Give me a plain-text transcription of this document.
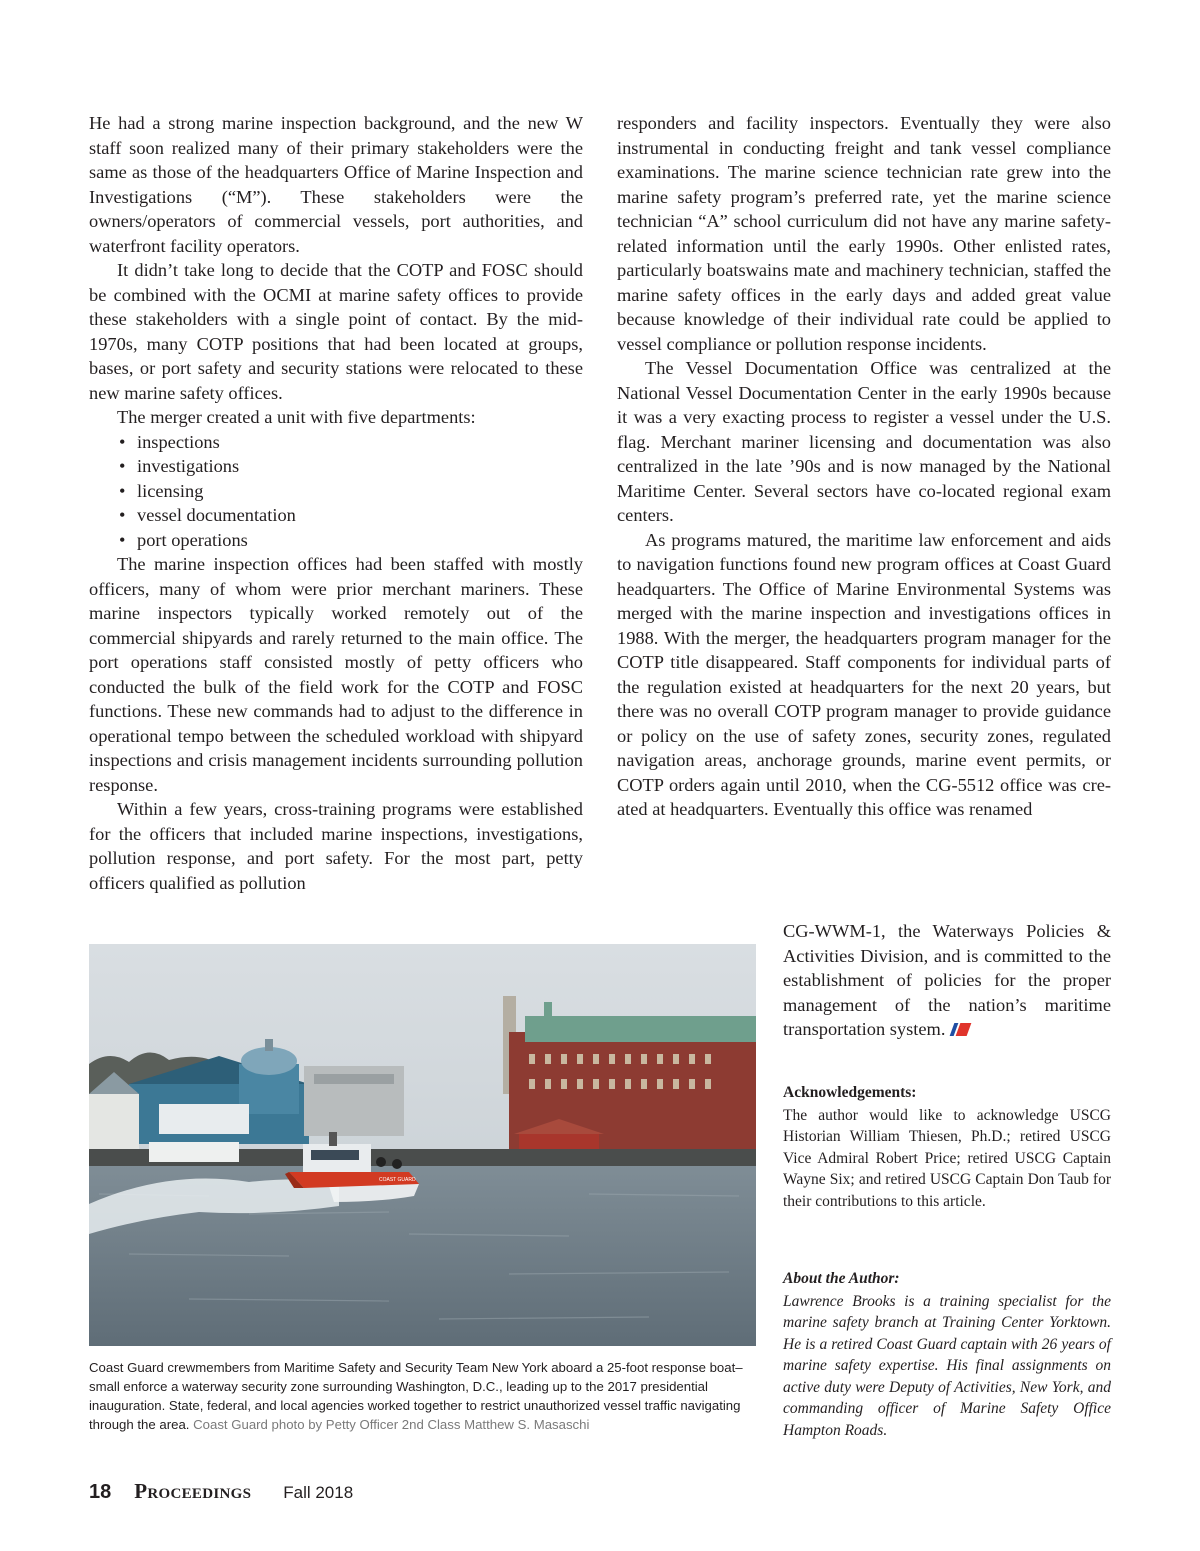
He had a strong marine inspection background, and the new W staff soon realized many of their primary stakeholders were the same as those of the headquarters Office of Marine Inspection and Investigations (“M”). These stakeholders were the owners/operators of commercial vessels, port authorities, and waterfront facility operators.

It didn’t take long to decide that the COTP and FOSC should be combined with the OCMI at marine safety offices to provide these stakeholders with a single point of contact. By the mid-1970s, many COTP positions that had been located at groups, bases, or port safety and security stations were relocated to these new marine safety offices.

The merger created a unit with five departments:

• inspections
• investigations
• licensing
• vessel documentation
• port operations

The marine inspection offices had been staffed with mostly officers, many of whom were prior merchant mariners. These marine inspectors typically worked remotely out of the commercial shipyards and rarely returned to the main office. The port operations staff consisted mostly of petty officers who conducted the bulk of the field work for the COTP and FOSC functions. These new commands had to adjust to the difference in operational tempo between the scheduled workload with shipyard inspections and crisis management incidents surrounding pollution response.

Within a few years, cross-training programs were established for the officers that included marine inspections, investigations, pollution response, and port safety. For the most part, petty officers qualified as pollution

responders and facility inspectors. Eventually they were also instrumental in conducting freight and tank vessel compliance examinations. The marine science technician rate grew into the marine safety program’s preferred rate, yet the marine science technician “A” school curriculum did not have any marine safety-related information until the early 1990s. Other enlisted rates, particularly boatswains mate and machinery technician, staffed the marine safety offices in the early days and added great value because knowledge of their individual rate could be applied to vessel compliance or pollution response incidents.

The Vessel Documentation Office was centralized at the National Vessel Documentation Center in the early 1990s because it was a very exacting process to register a vessel under the U.S. flag. Merchant mariner licensing and documentation was also centralized in the late ’90s and is now managed by the National Maritime Center. Several sectors have co-located regional exam centers.

As programs matured, the maritime law enforcement and aids to navigation functions found new program offices at Coast Guard headquarters. The Office of Marine Environmental Systems was merged with the marine inspection and investigations offices in 1988. With the merger, the headquarters program manager for the COTP title disappeared. Staff components for individual parts of the regulation existed at headquarters for the next 20 years, but there was no overall COTP program manager to provide guidance or policy on the use of safety zones, security zones, regulated navigation areas, anchorage grounds, marine event permits, or COTP orders again until 2010, when the CG-5512 office was created at headquarters. Eventually this office was renamed

CG-WWM-1, the Waterways Policies & Activities Division, and is committed to the establishment of policies for the proper management of the nation’s maritime transportation system.

COAST GUARD
Coast Guard crewmembers from Maritime Safety and Security Team New York aboard a 25-foot response boat–small enforce a waterway security zone surrounding Washington, D.C., leading up to the 2017 presidential inauguration. State, federal, and local agencies worked together to restrict unauthorized vessel traffic navigating through the area. Coast Guard photo by Petty Officer 2nd Class Matthew S. Masaschi
Acknowledgements:
The author would like to acknowledge USCG Historian William Thiesen, Ph.D.; retired USCG Vice Admiral Robert Price; retired USCG Captain Wayne Six; and retired USCG Captain Don Taub for their contributions to this article.
About the Author:
Lawrence Brooks is a training specialist for the marine safety branch at Training Center Yorktown. He is a retired Coast Guard captain with 26 years of marine safety expertise. His final assignments on active duty were Deputy of Activities, New York, and commanding officer of Marine Safety Office Hampton Roads.
18 Proceedings Fall 2018
